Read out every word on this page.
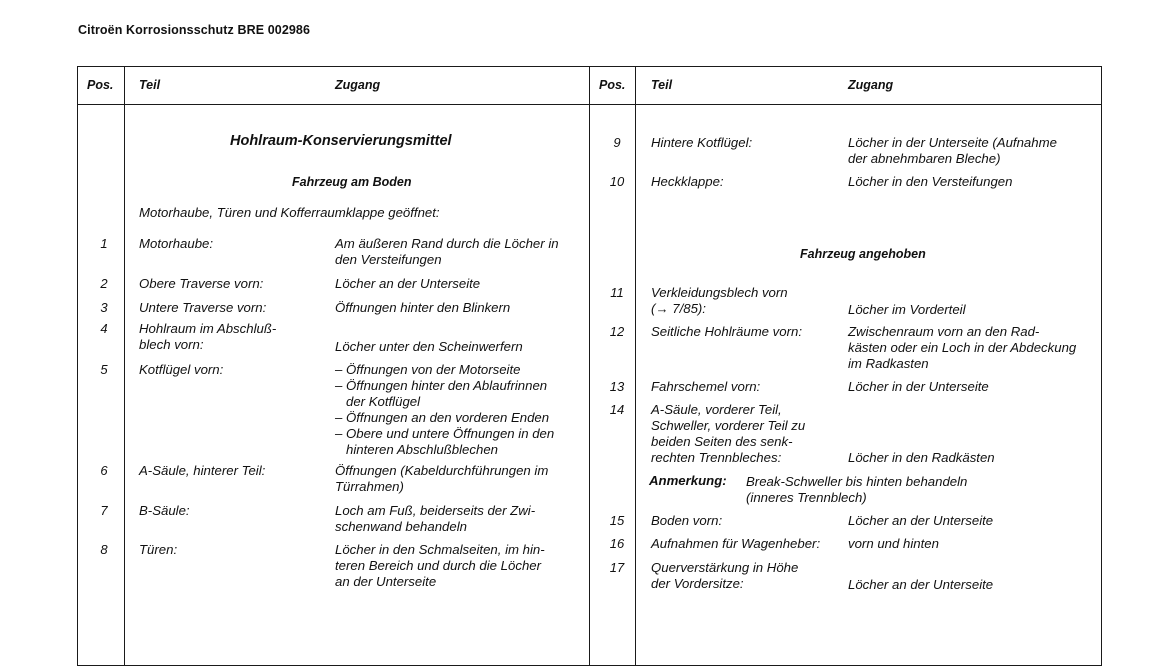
Citroën Korrosionsschutz BRE 002986
Pos. Teil	Zugang	Pos. Teil	Zugang
Hohlraum-Konservierungsmittel
Fahrzeug am Boden
Motorhaube, Türen und Kofferraumklappe geöffnet:
Fahrzeug angehoben
Anmerkung: Break-Schweller bis hinten behandeln
(inneres Trennblech)
1	Motorhaube:	Am äußeren Rand durch die Löcher in
den Versteifungen
2	Obere Traverse vorn:	Löcher an der Unterseite
3	Untere Traverse vorn:	Öffnungen hinter den Blinkern
4	Hohlraum im Abschluß-
blech vorn:	Löcher unter den Scheinwerfern
5	Kotflügel vorn:	– Öffnungen von der Motorseite
– Öffnungen hinter den Ablaufrinnen
der Kotflügel
– Öffnungen an den vorderen Enden
– Obere und untere Öffnungen in den
hinteren Abschlußblechen
6	A-Säule, hinterer Teil:	Öffnungen (Kabeldurchführungen im
Türrahmen)
7	B-Säule:	Loch am Fuß, beiderseits der Zwi-
schenwand behandeln
8	Türen:	Löcher in den Schmalseiten, im hin-
teren Bereich und durch die Löcher
an der Unterseite
9	Hintere Kotflügel:	Löcher in der Unterseite (Aufnahme
der abnehmbaren Bleche)
10 Heckklappe:	Löcher in den Versteifungen
11 Verkleidungsblech vorn
(→ 7/85):	Löcher im Vorderteil
12 Seitliche Hohlräume vorn:	Zwischenraum vorn an den Rad-
kästen oder ein Loch in der Abdeckung
im Radkasten
13 Fahrschemel vorn:	Löcher in der Unterseite
14 A-Säule, vorderer Teil,
Schweller, vorderer Teil zu
beiden Seiten des senk-
rechten Trennbleches:	Löcher in den Radkästen
15 Boden vorn:	Löcher an der Unterseite
16 Aufnahmen für Wagenheber: vorn und hinten
17 Querverstärkung in Höhe
der Vordersitze:	Löcher an der Unterseite
